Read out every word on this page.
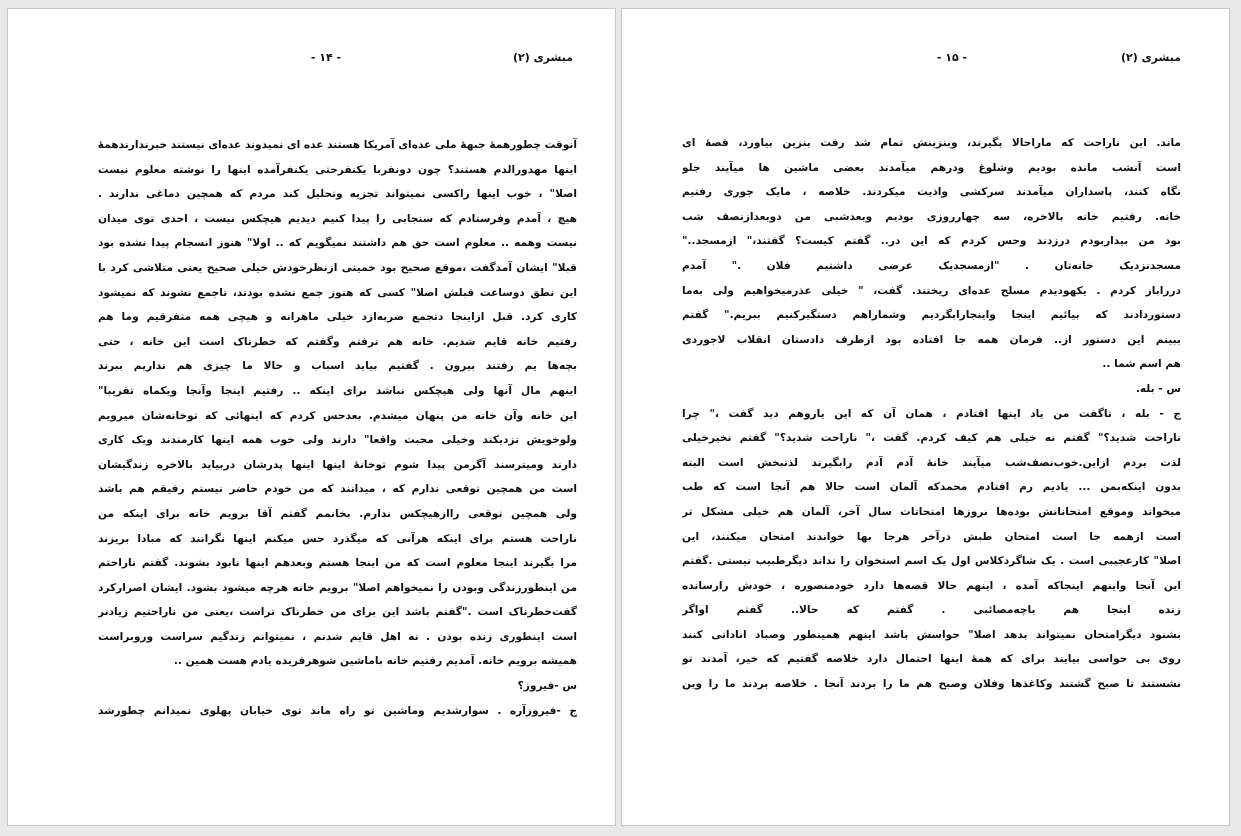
مبشری (۲)
- ۱۴ -
آنوقت چطورهمهٔ جبههٔ ملی عده‌ای آمریکا هستند عده ای نمیدوند عده‌ای نیستند خبرندارندهمهٔ
اینها مهدورالدم هستند؟ چون دونفربا یکنفرحتی یکنفرآمده اینها را نوشته معلوم نیست
اصلا" ، خوب اینها راکسی نمیتواند تجزیه وتحلیل کند مردم که همچین دماغی ندارند .
هیچ ، آمدم وفرستادم که سنجابی را پیدا کنیم دیدیم هیچکس نیست ، احدی توی میدان
نیست وهمه .. معلوم است حق هم داشتند نمیگویم که .. اولا" هنوز انسجام پیدا نشده بود
قبلا" ایشان آمدگفت ،موقع صحیح بود خمینی ازنظرخودش خیلی صحیح یعنی متلاشی کرد با
این نطق دوساعت قبلش اصلا" کسی که هنوز جمع نشده بودند، تاجمع نشوند که نمیشود
کاری کرد. قبل ازاینجا دتجمع ضربه‌ازد خیلی ماهرانه و هیچی همه متفرقیم وما هم
رفتیم خانه قایم شدیم. خانه هم نرفتم وگفتم که خطرناک است این خانه ، حتی
بچه‌ها یم رفتند بیرون . گفتیم بیاید اسباب و حالا ما چیزی هم نداریم ببرند
اینهم مال آنها ولی هیچکس نباشد برای اینکه .. رفتیم اینجا وآنجا ویکماه تقریبا"
این خانه وآن خانه من پنهان میشدم. بعدحس کردم که اینهائی که توخانه‌شان میرویم
ولوخویش نزدیکند وخیلی محبت واقعا" دارند ولی خوب همه اینها کارمندند ویک کاری
دارند ومیترسند آگرمن پیدا شوم توخانهٔ اینها اینها پدرشان دربیاید بالاخره زندگیشان
است من همچین توقعی ندارم که ، میدانند که من خودم حاضر نیستم رفیقم هم باشد
ولی همچین توقعی راازهیچکس ندارم. بخانمم گفتم آقا برویم خانه برای اینکه من
ناراحت هستم برای اینکه هرآنی که میگذرد حس میکنم اینها نگرانند که مبادا بریزند
مرا بگیرند اینجا معلوم است که من اینجا هستم وبعدهم اینها نابود بشوند. گفتم ناراحتم
من اینطورزندگی وبودن را نمیخواهم اصلا" برویم خانه هرچه میشود بشود. ایشان اصرارکرد
گفت‌خطرناک است ."گفتم باشد این برای من خطرناک تراست ،یعنی من ناراحتیم زیادتر
است اینطوری زنده بودن . نه اهل قایم شدنم ، نمیتوانم زندگیم سراست وروبراست
همیشه برویم خانه. آمدیم رفتیم خانه باماشین شوهرفریده یادم هست همین ..
س -فیروز؟
ج -فیروزآره . سوارشدیم وماشین تو راه ماند توی خیابان پهلوی نمیدانم چطورشد
مبشری (۲)
- ۱۵ -
ماند. این ناراحت که ماراحالا بگیرند، وبنزینش تمام شد رفت بنزین بیاورد، قصهٔ ای
است آنشب مانده بودیم وشلوغ ودرهم میآمدند بعضی ماشین ها میآیند جلو
نگاه کنند، پاسداران میآمدند سرکشی واذیت میکردند. خلاصه ، مایک جوری رفتیم
خانه. رفتیم خانه بالاخره، سه چهارروزی بودیم وبعدشبی من دوبعدازنصف شب
بود من بیداربودم درزدند وحس کردم که این در.. گفتم کیست؟ گفتند،" ازمسجد.."
مسجدنزدیک خانه‌تان . "ازمسجدیک عرضی داشتیم فلان ." آمدم
درراباز کردم . یکهودیدم مسلح عده‌ای ریختند. گفت، " خیلی عذرمیخواهیم ولی به‌ما
دستوردادند که بیائیم اینجا واینجارابگردیم وشماراهم دستگیرکنیم ببریم." گفتم
ببینم این دستور از.. فرمان همه جا افتاده بود ازطرف دادستان انقلاب لاجوردی
هم اسم شما ..
س - بله.
ج - بله ، تاگفت من یاد اینها افتادم ، همان آن که این یاروهم دید گفت ،" چرا
ناراحت شدید؟" گفتم نه خیلی هم کیف کردم. گفت ،" ناراحت شدید؟" گفتم نخیرخیلی
لذت بردم ازاین.خوب‌نصف‌شب میآیند خانهٔ آدم آدم رابگیرند لذتبخش است البته
بدون اینکه‌بمن ... یادیم رم افتادم محمدکه آلمان است حالا هم آنجا است که طب
میخواند وموقع امتحاناتش بوده‌ها نروزها امتحانات سال آخر، آلمان هم خیلی مشکل تر
است ازهمه جا است امتحان طبش درآخر هرجا بها خواندند امتحان میکنند، این
اصلا" کارعجیبی است . یک شاگردکلاس اول یک اسم استخوان را نداند دیگرطبیب نیستی .گفتم
این آنجا واینهم اینجاکه آمده ، اینهم حالا قصه‌ها دارد خودمنصوره ، خودش رارسانده
زنده اینجا هم باچه‌مصائبی . گفتم که حالا.. گفتم اواگر
بشنود دیگرامتحان نمیتواند بدهد اصلا" حواسش باشد اینهم همینطور وصباد اناداتی کنند
روی بی حواسی بیایند برای که همهٔ اینها احتمال دارد خلاصه گفتیم که خیر، آمدند تو
نشستند تا صبح گشتند وکاغذها وفلان وصبح هم ما را بردند آنجا . خلاصه بردند ما را وین
